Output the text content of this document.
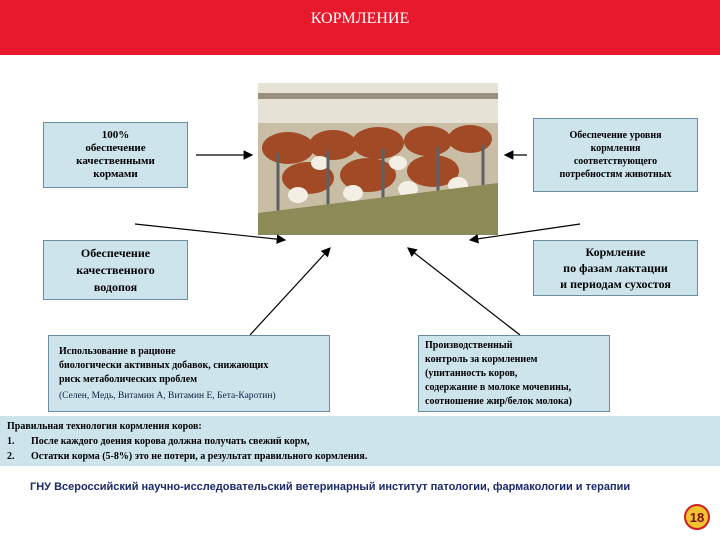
КОРМЛЕНИЕ
100%
обеспечение
качественными
кормами
Обеспечение уровня
кормления
соответствующего
потребностям животных
Обеспечение
качественного
водопоя
Кормление
по фазам лактации
и периодам сухостоя
Использование в рационе
биологически активных добавок, снижающих
риск метаболических проблем
(Селен, Медь, Витамин А, Витамин Е, Бета-Каротин)
Производственный
контроль за кормлением
(упитанность коров,
содержание в молоке мочевины,
соотношение жир/белок молока)
Правильная технология кормления коров:
1. После каждого доения корова должна получать свежий корм,
2. Остатки корма (5-8%) это не потери, а результат правильного кормления.
ГНУ Всероссийский научно-исследовательский ветеринарный институт патологии, фармакологии и терапии
18
